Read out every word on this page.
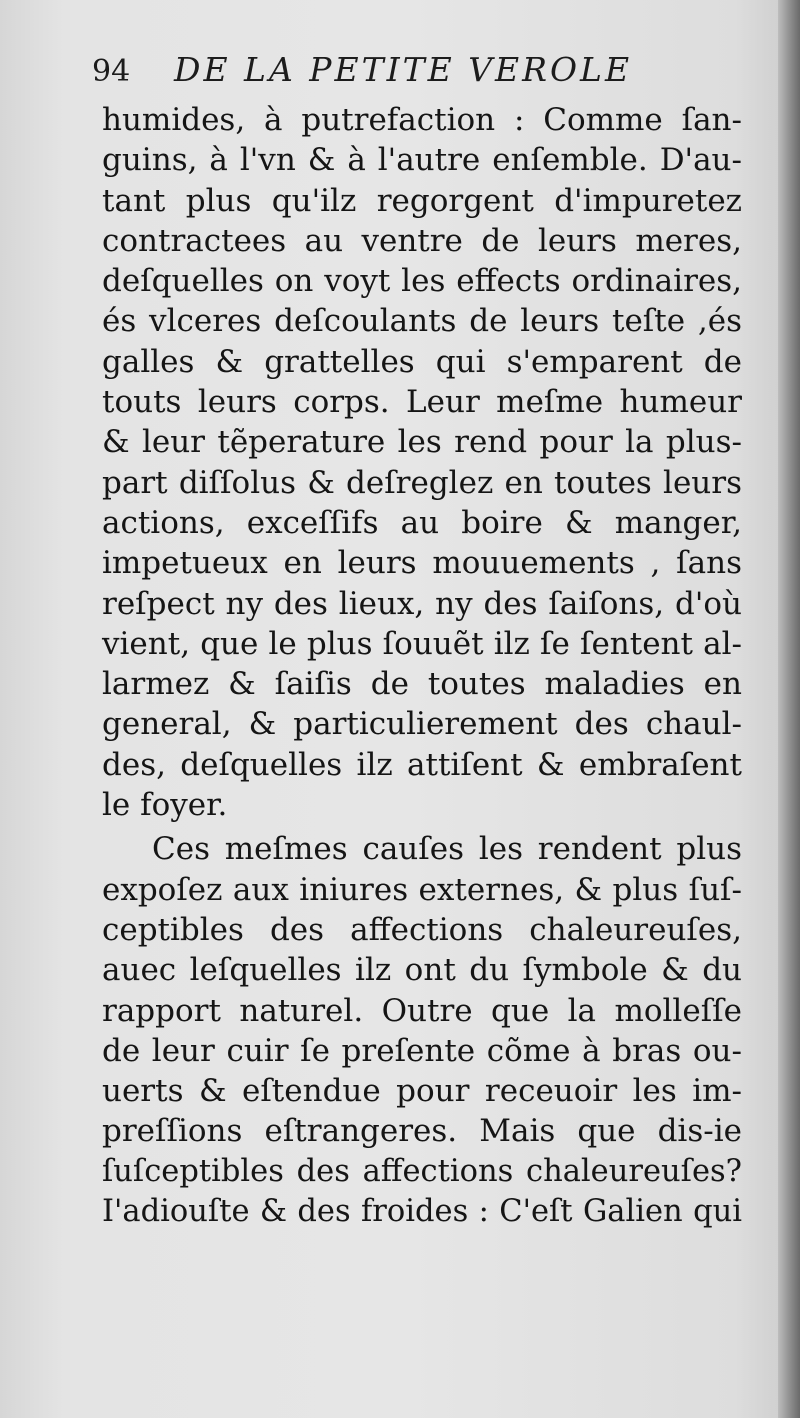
94 DE LA PETITE VEROLE
humides, à putrefaction : Comme ſan-
guins, à l'vn & à l'autre enſemble. D'au-
tant plus qu'ilz regorgent d'impuretez
contractees au ventre de leurs meres,
deſquelles on voyt les effects ordinaires,
és vlceres deſcoulants de leurs teſte ,és
galles & grattelles qui s'emparent de
touts leurs corps. Leur meſme humeur
& leur tẽperature les rend pour la plus-
part diſſolus & deſreglez en toutes leurs
actions, exceſſifs au boire & manger,
impetueux en leurs mouuements , ſans
reſpect ny des lieux, ny des ſaiſons, d'où
vient, que le plus ſouuẽt ilz ſe ſentent al-
larmez & ſaiſis de toutes maladies en
general, & particulierement des chaul-
des, deſquelles ilz attiſent & embraſent
le foyer.
Ces meſmes cauſes les rendent plus
expoſez aux iniures externes, & plus ſuſ-
ceptibles des affections chaleureuſes,
auec leſquelles ilz ont du ſymbole & du
rapport naturel. Outre que la molleſſe
de leur cuir ſe preſente cõme à bras ou-
uerts & eſtendue pour receuoir les im-
preſſions eſtrangeres. Mais que dis-ie
ſuſceptibles des affections chaleureuſes?
I'adiouſte & des froides : C'eſt Galien qui
